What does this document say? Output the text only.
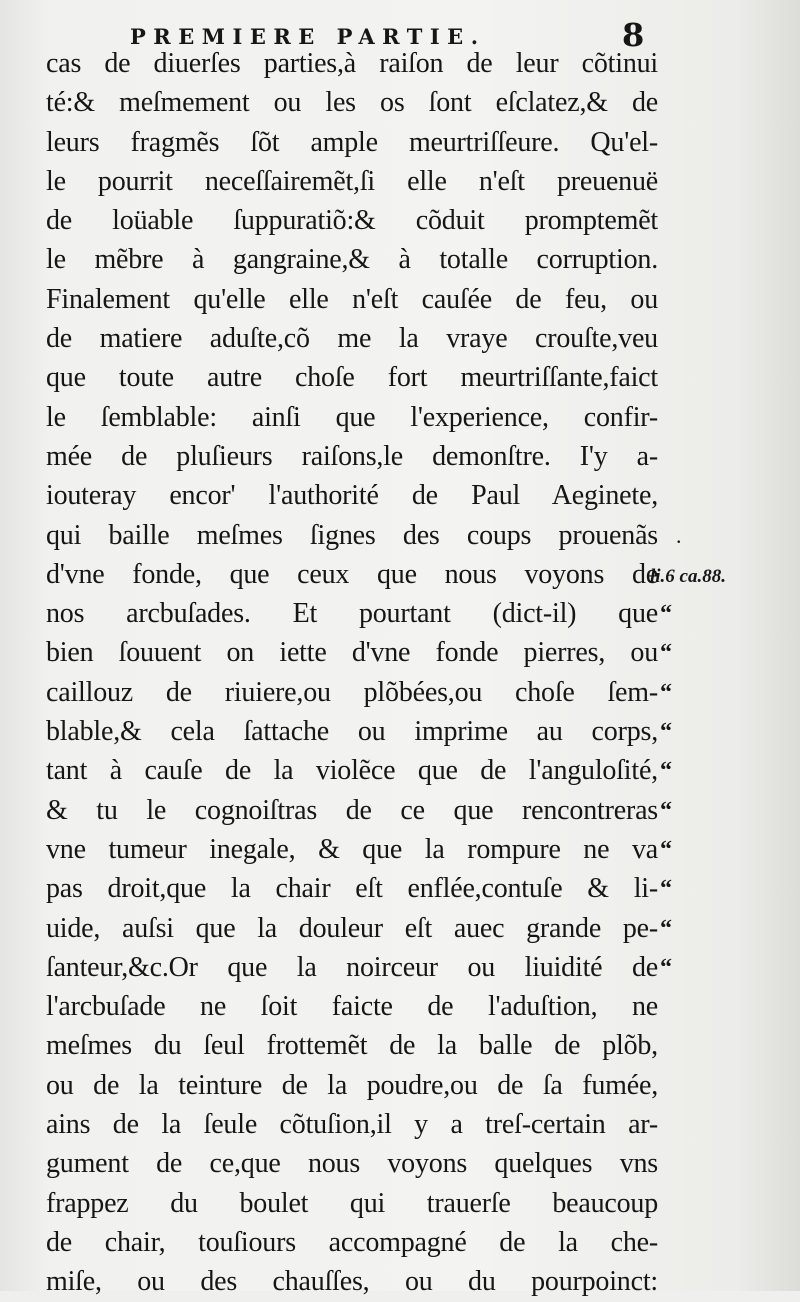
PREMIERE PARTIE.	8
cas de diuerſes parties,à raiſon de leur cõtinui
té:& meſmement ou les os ſont eſclatez,& de
leurs fragmẽs ſõt ample meurtriſſeure. Qu'el-
le pourrit neceſſairemẽt,ſi elle n'eſt preuenuë
de loüable ſuppuratiõ:& cõduit promptemẽt
le mẽbre à gangraine,& à totalle corruption.
Finalement qu'elle elle n'eſt cauſée de feu, ou
de matiere aduſte,cõ me la vraye crouſte,veu
que toute autre choſe fort meurtriſſante,faict
le ſemblable: ainſi que l'experience, confir-
mée de pluſieurs raiſons,le demonſtre. I'y a-
iouteray encor' l'authorité de Paul Aeginete,
qui baille meſmes ſignes des coups prouenãs
d'vne fonde, que ceux que nous voyons de
nos arcbuſades. Et pourtant (dict-il) que
bien ſouuent on iette d'vne fonde pierres, ou
caillouz de riuiere,ou plõbées,ou choſe ſem-
blable,& cela ſattache ou imprime au corps,
tant à cauſe de la violẽce que de l'anguloſité,
& tu le cognoiſtras de ce que rencontreras
vne tumeur inegale, & que la rompure ne va
pas droit,que la chair eſt enflée,contuſe & li-
uide, auſsi que la douleur eſt auec grande pe-
ſanteur,&c.Or que la noirceur ou liuidité de
l'arcbuſade ne ſoit faicte de l'aduſtion, ne
meſmes du ſeul frottemẽt de la balle de plõb,
ou de la teinture de la poudre,ou de ſa fumée,
ains de la ſeule cõtuſion,il y a treſ-certain ar-
gument de ce,que nous voyons quelques vns
frappez du boulet qui trauerſe beaucoup
de chair, touſiours accompagné de la che-
miſe, ou des chauſſes, ou du pourpoinct:
.
li.6 ca.88.
“
“
“
“
“
“
“
“
“
“
